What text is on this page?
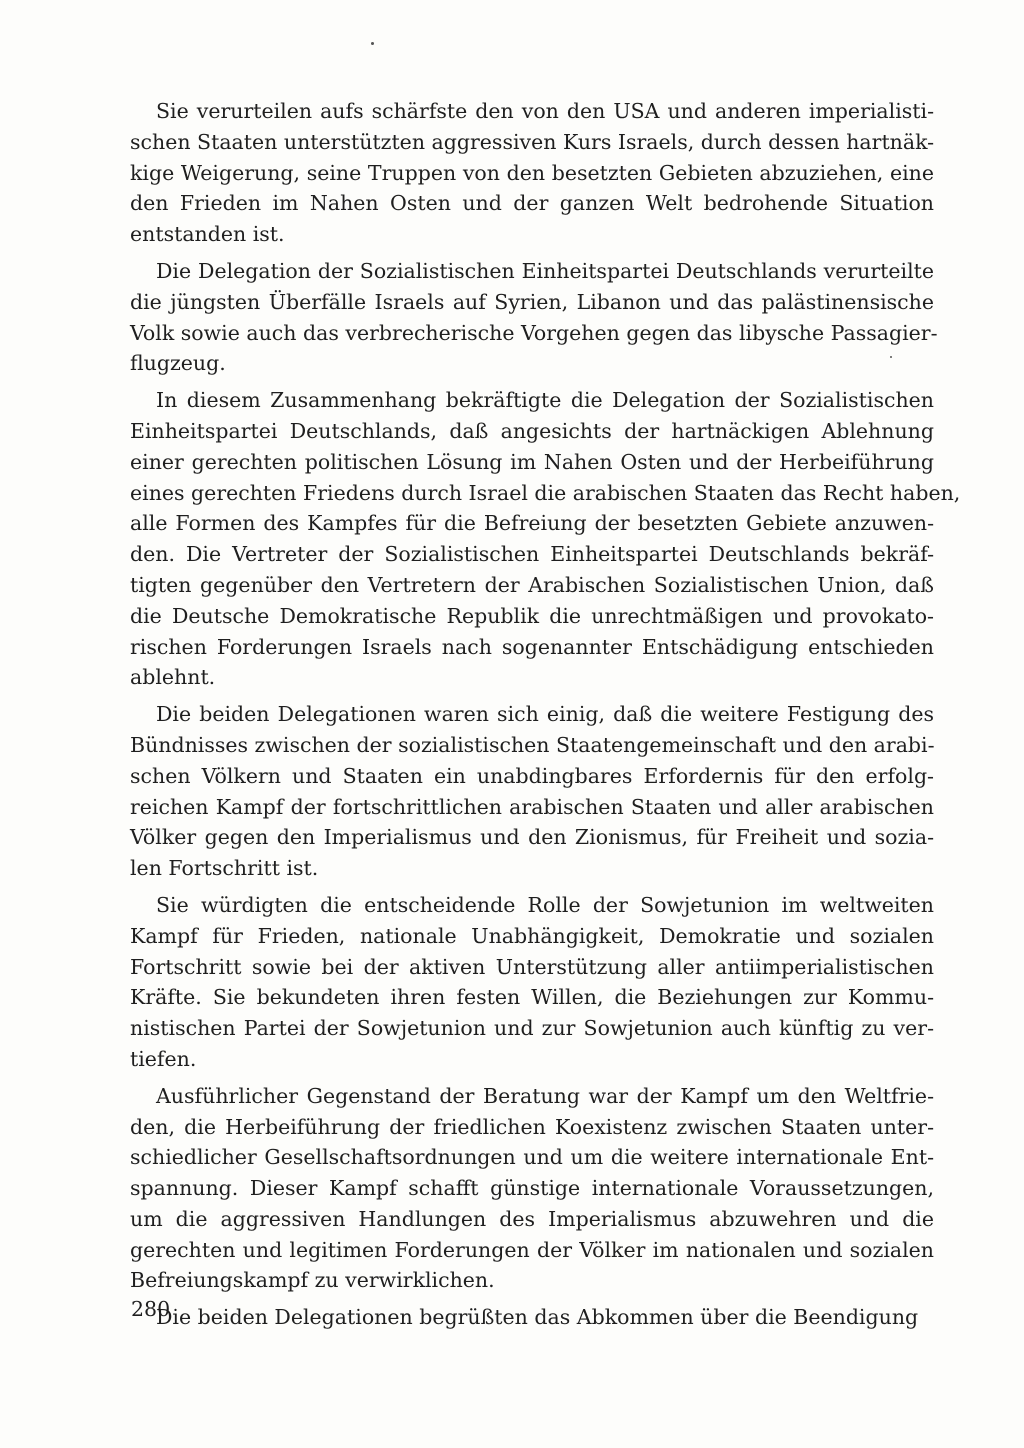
Sie verurteilen aufs schärfste den von den USA und anderen imperialisti-
schen Staaten unterstützten aggressiven Kurs Israels, durch dessen hartnäk-
kige Weigerung, seine Truppen von den besetzten Gebieten abzuziehen, eine
den Frieden im Nahen Osten und der ganzen Welt bedrohende Situation
entstanden ist.
Die Delegation der Sozialistischen Einheitspartei Deutschlands verurteilte
die jüngsten Überfälle Israels auf Syrien, Libanon und das palästinensische
Volk sowie auch das verbrecherische Vorgehen gegen das libysche Passagier-
flugzeug.
In diesem Zusammenhang bekräftigte die Delegation der Sozialistischen
Einheitspartei Deutschlands, daß angesichts der hartnäckigen Ablehnung
einer gerechten politischen Lösung im Nahen Osten und der Herbeiführung
eines gerechten Friedens durch Israel die arabischen Staaten das Recht haben,
alle Formen des Kampfes für die Befreiung der besetzten Gebiete anzuwen-
den. Die Vertreter der Sozialistischen Einheitspartei Deutschlands bekräf-
tigten gegenüber den Vertretern der Arabischen Sozialistischen Union, daß
die Deutsche Demokratische Republik die unrechtmäßigen und provokato-
rischen Forderungen Israels nach sogenannter Entschädigung entschieden
ablehnt.
Die beiden Delegationen waren sich einig, daß die weitere Festigung des
Bündnisses zwischen der sozialistischen Staatengemeinschaft und den arabi-
schen Völkern und Staaten ein unabdingbares Erfordernis für den erfolg-
reichen Kampf der fortschrittlichen arabischen Staaten und aller arabischen
Völker gegen den Imperialismus und den Zionismus, für Freiheit und sozia-
len Fortschritt ist.
Sie würdigten die entscheidende Rolle der Sowjetunion im weltweiten
Kampf für Frieden, nationale Unabhängigkeit, Demokratie und sozialen
Fortschritt sowie bei der aktiven Unterstützung aller antiimperialistischen
Kräfte. Sie bekundeten ihren festen Willen, die Beziehungen zur Kommu-
nistischen Partei der Sowjetunion und zur Sowjetunion auch künftig zu ver-
tiefen.
Ausführlicher Gegenstand der Beratung war der Kampf um den Weltfrie-
den, die Herbeiführung der friedlichen Koexistenz zwischen Staaten unter-
schiedlicher Gesellschaftsordnungen und um die weitere internationale Ent-
spannung. Dieser Kampf schafft günstige internationale Voraussetzungen,
um die aggressiven Handlungen des Imperialismus abzuwehren und die
gerechten und legitimen Forderungen der Völker im nationalen und sozialen
Befreiungskampf zu verwirklichen.
Die beiden Delegationen begrüßten das Abkommen über die Beendigung
280
